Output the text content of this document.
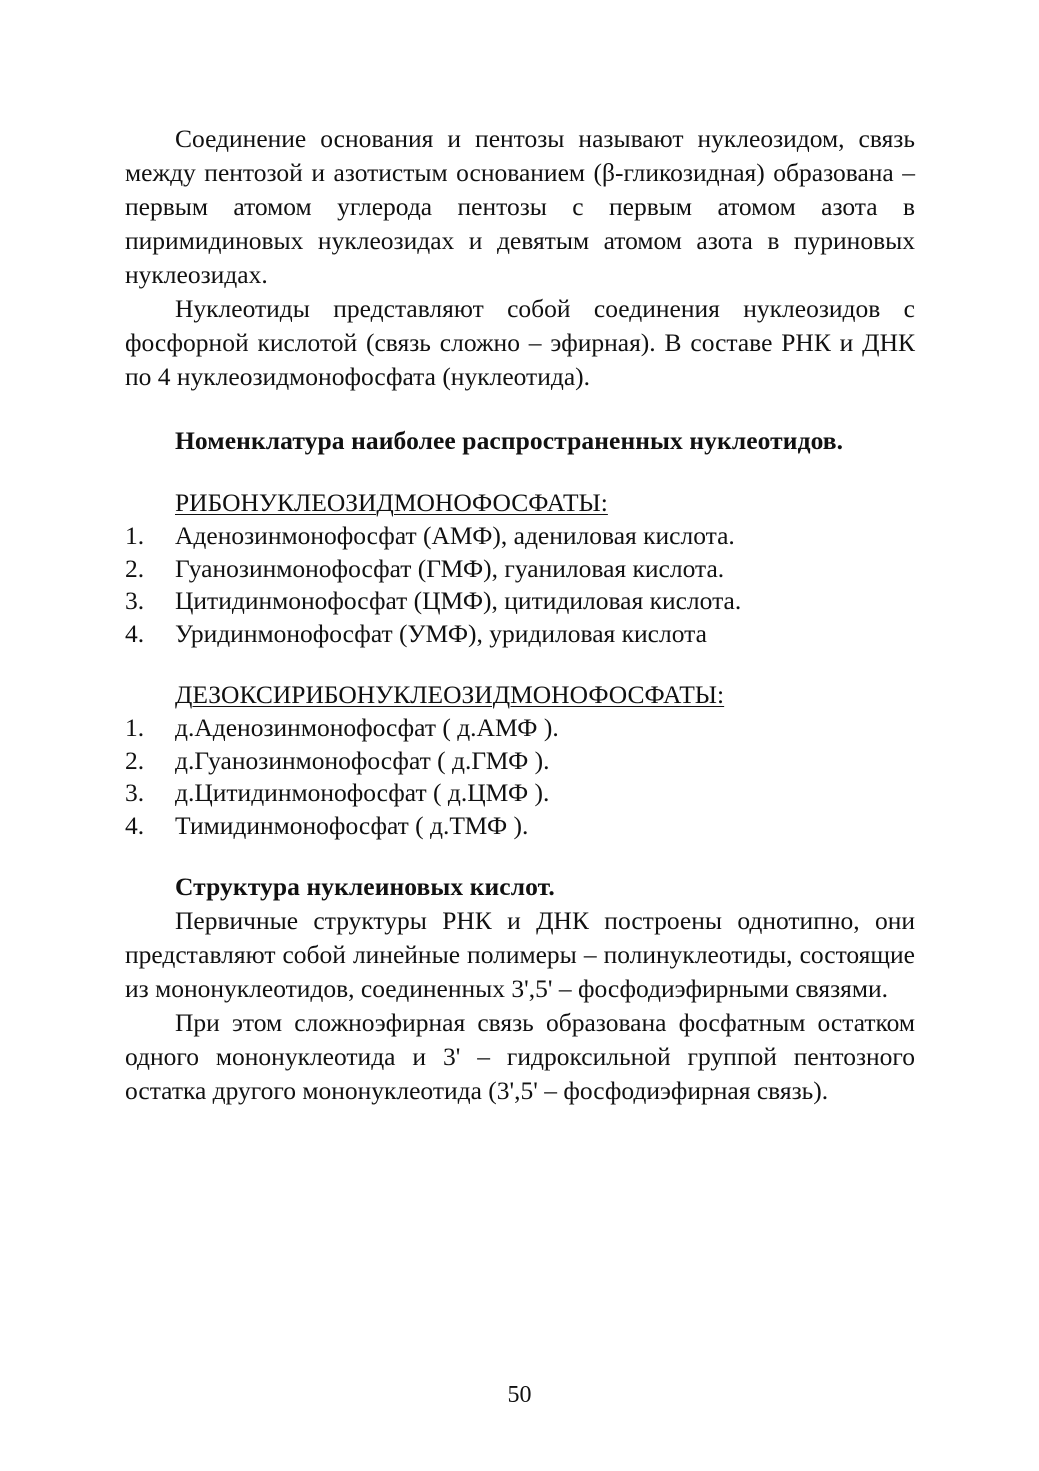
Соединение основания и пентозы называют нуклеозидом, связь между пентозой и азотистым основанием (β-гликозидная) образована – первым атомом углерода пентозы с первым атомом азота в пиримидиновых нуклеозидах и девятым атомом азота в пуриновых нуклеозидах.

Нуклеотиды представляют собой соединения нуклеозидов с фосфорной кислотой (связь сложно – эфирная). В составе РНК и ДНК по 4 нуклеозидмонофосфата (нуклеотида).

Номенклатура наиболее распространенных нуклеотидов.

РИБОНУКЛЕОЗИДМОНОФОСФАТЫ:

1. Аденозинмонофосфат (АМФ), адениловая кислота.
2. Гуанозинмонофосфат (ГМФ), гуаниловая кислота.
3. Цитидинмонофосфат (ЦМФ), цитидиловая кислота.
4. Уридинмонофосфат (УМФ), уридиловая кислота

ДЕЗОКСИРИБОНУКЛЕОЗИДМОНОФОСФАТЫ:

1. д.Аденозинмонофосфат ( д.АМФ ).
2. д.Гуанозинмонофосфат ( д.ГМФ ).
3. д.Цитидинмонофосфат ( д.ЦМФ ).
4. Тимидинмонофосфат ( д.ТМФ ).

Структура нуклеиновых кислот.

Первичные структуры РНК и ДНК построены однотипно, они представляют собой линейные полимеры – полинуклеотиды, состоящие из мононуклеотидов, соединенных 3',5' – фосфодиэфирными связями.

При этом сложноэфирная связь образована фосфатным остатком одного мононуклеотида и 3' – гидроксильной группой пентозного остатка другого мононуклеотида (3',5' – фосфодиэфирная связь).

50
